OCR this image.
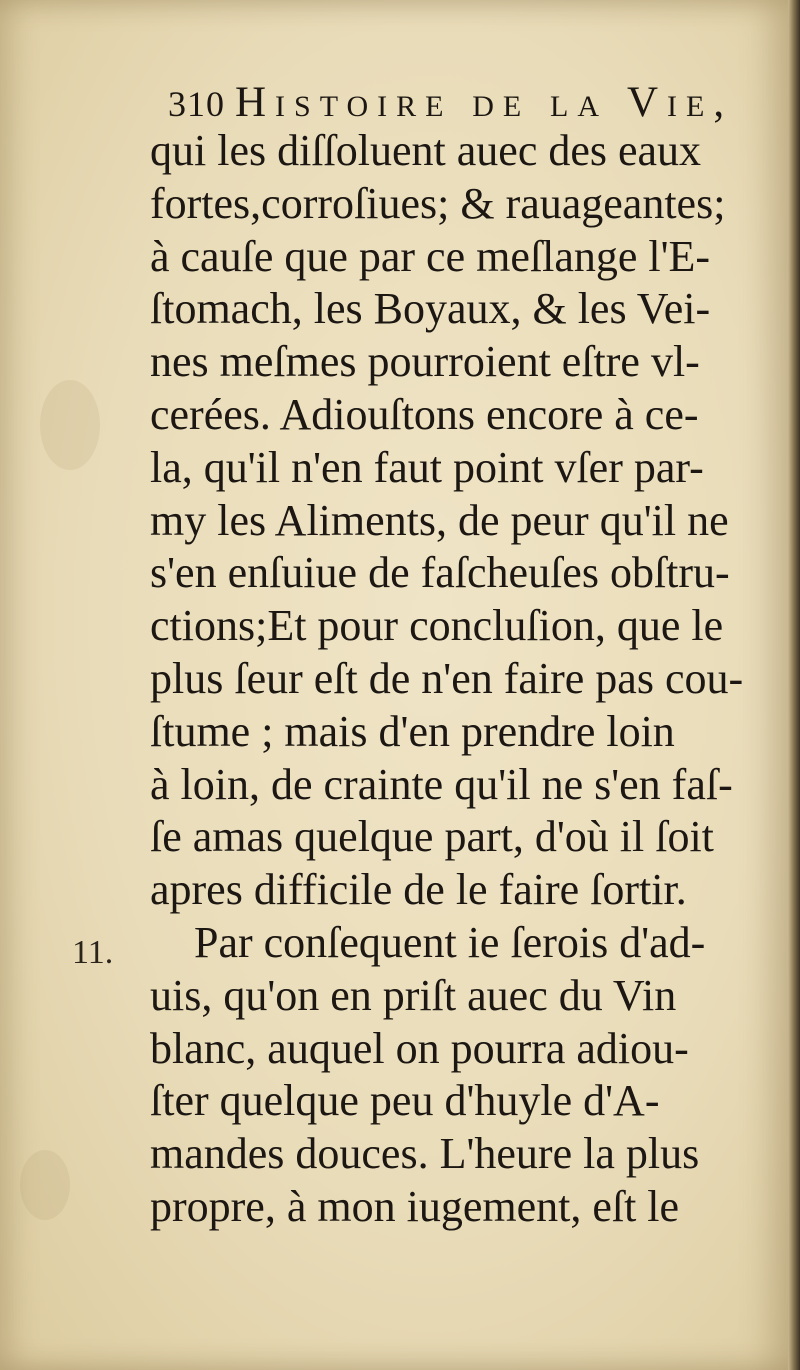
310 Histoire de la Vie,
11.
qui les diſſoluent auec des eaux
fortes,corroſiues; & rauageantes;
à cauſe que par ce meſlange l'E-
ſtomach, les Boyaux, & les Vei-
nes meſmes pourroient eſtre vl-
cerées. Adiouſtons encore à ce-
la, qu'il n'en faut point vſer par-
my les Aliments, de peur qu'il ne
s'en enſuiue de faſcheuſes obſtru-
ctions;Et pour concluſion, que le
plus ſeur eſt de n'en faire pas cou-
ſtume ; mais d'en prendre loin
à loin, de crainte qu'il ne s'en faſ-
ſe amas quelque part, d'où il ſoit
apres difficile de le faire ſortir.
Par conſequent ie ſerois d'ad-
uis, qu'on en priſt auec du Vin
blanc, auquel on pourra adiou-
ſter quelque peu d'huyle d'A-
mandes douces. L'heure la plus
propre, à mon iugement, eſt le
